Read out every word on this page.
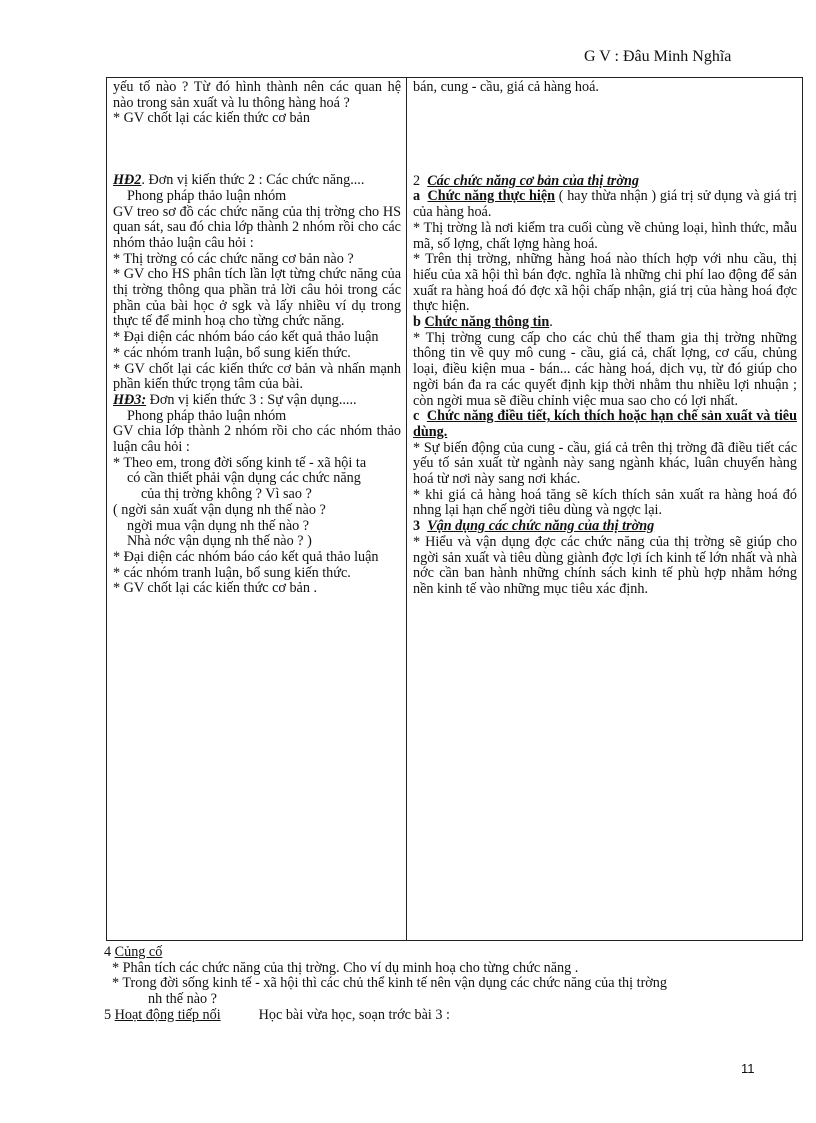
G V : Đâu Minh Nghĩa

yếu tố nào ? Từ đó hình thành nên các quan hệ nào trong sản xuất và lu thông hàng hoá ?

* GV chốt lại các kiến thức cơ bản

HĐ2. Đơn vị kiến thức 2 : Các chức năng....

Phong pháp thảo luận nhóm

GV treo sơ đồ các chức năng của thị trờng cho HS quan sát, sau đó chia lớp thành 2 nhóm rồi cho các nhóm thảo luận câu hỏi :

* Thị trờng có các chức năng cơ bản nào ?

* GV cho HS phân tích lần lợt từng chức năng của thị trờng thông qua phần trả lời câu hỏi trong các phần của bài học ở sgk và lấy nhiều ví dụ trong thực tế để minh hoạ cho từng chức năng.

* Đại diện các nhóm báo cáo kết quả thảo luận

* các nhóm tranh luận, bổ sung kiến thức.

* GV chốt lại các kiến thức cơ bản và nhấn mạnh phần kiến thức trọng tâm của bài.

HĐ3: Đơn vị kiến thức 3 : Sự vận dụng.....

Phong pháp thảo luận nhóm

GV chia lớp thành 2 nhóm rồi cho các nhóm thảo luận câu hỏi :

* Theo em, trong đời sống kinh tế - xã hội ta

có cần thiết phải vận dụng các chức năng

của thị trờng không ? Vì sao ?

( ngời sản xuất vận dụng nh thế nào ?

ngời mua vận dụng nh thế nào ?

Nhà nớc vận dụng nh thế nào ? )

* Đại diện các nhóm báo cáo kết quả thảo luận

* các nhóm tranh luận, bổ sung kiến thức.

* GV chốt lại các kiến thức cơ bản .

bán, cung - cầu, giá cả hàng hoá.

2 Các chức năng cơ bản của thị trờng

a Chức năng thực hiện ( hay thừa nhận ) giá trị sử dụng và giá trị của hàng hoá.

* Thị trờng là nơi kiểm tra cuối cùng về chủng loại, hình thức, mẫu mã, số lợng, chất lợng hàng hoá.

* Trên thị trờng, những hàng hoá nào thích hợp với nhu cầu, thị hiếu của xã hội thì bán đợc. nghĩa là những chi phí lao động để sản xuất ra hàng hoá đó đợc xã hội chấp nhận, giá trị của hàng hoá đợc thực hiện.

b Chức năng thông tin.

* Thị trờng cung cấp cho các chủ thể tham gia thị trờng những thông tin về quy mô cung - cầu, giá cả, chất lợng, cơ cấu, chủng loại, điều kiện mua - bán... các hàng hoá, dịch vụ, từ đó giúp cho ngời bán đa ra các quyết định kịp thời nhằm thu nhiều lợi nhuận ; còn ngời mua sẽ điều chỉnh việc mua sao cho có lợi nhất.

c Chức năng điều tiết, kích thích hoặc hạn chế sản xuất và tiêu dùng.

* Sự biến động của cung - cầu, giá cả trên thị trờng đã điều tiết các yếu tố sản xuất từ ngành này sang ngành khác, luân chuyển hàng hoá từ nơi này sang nơi khác.

* khi giá cả hàng hoá tăng sẽ kích thích sản xuất ra hàng hoá đó nhng lại hạn chế ngời tiêu dùng và ngợc lại.

3 Vận dụng các chức năng của thị trờng

* Hiểu và vận dụng đợc các chức năng của thị trờng sẽ giúp cho ngời sản xuất và tiêu dùng giành đợc lợi ích kinh tế lớn nhất và nhà nớc cần ban hành những chính sách kinh tế phù hợp nhằm hớng nền kinh tế vào những mục tiêu xác định.

4 Củng cố

* Phân tích các chức năng của thị trờng. Cho ví dụ minh hoạ cho từng chức năng .

* Trong đời sống kinh tế - xã hội thì các chủ thể kinh tế nên vận dụng các chức năng của thị trờng

nh thế nào ?

5 Hoạt động tiếp nối	Học bài vừa học, soạn trớc bài 3 :

11
